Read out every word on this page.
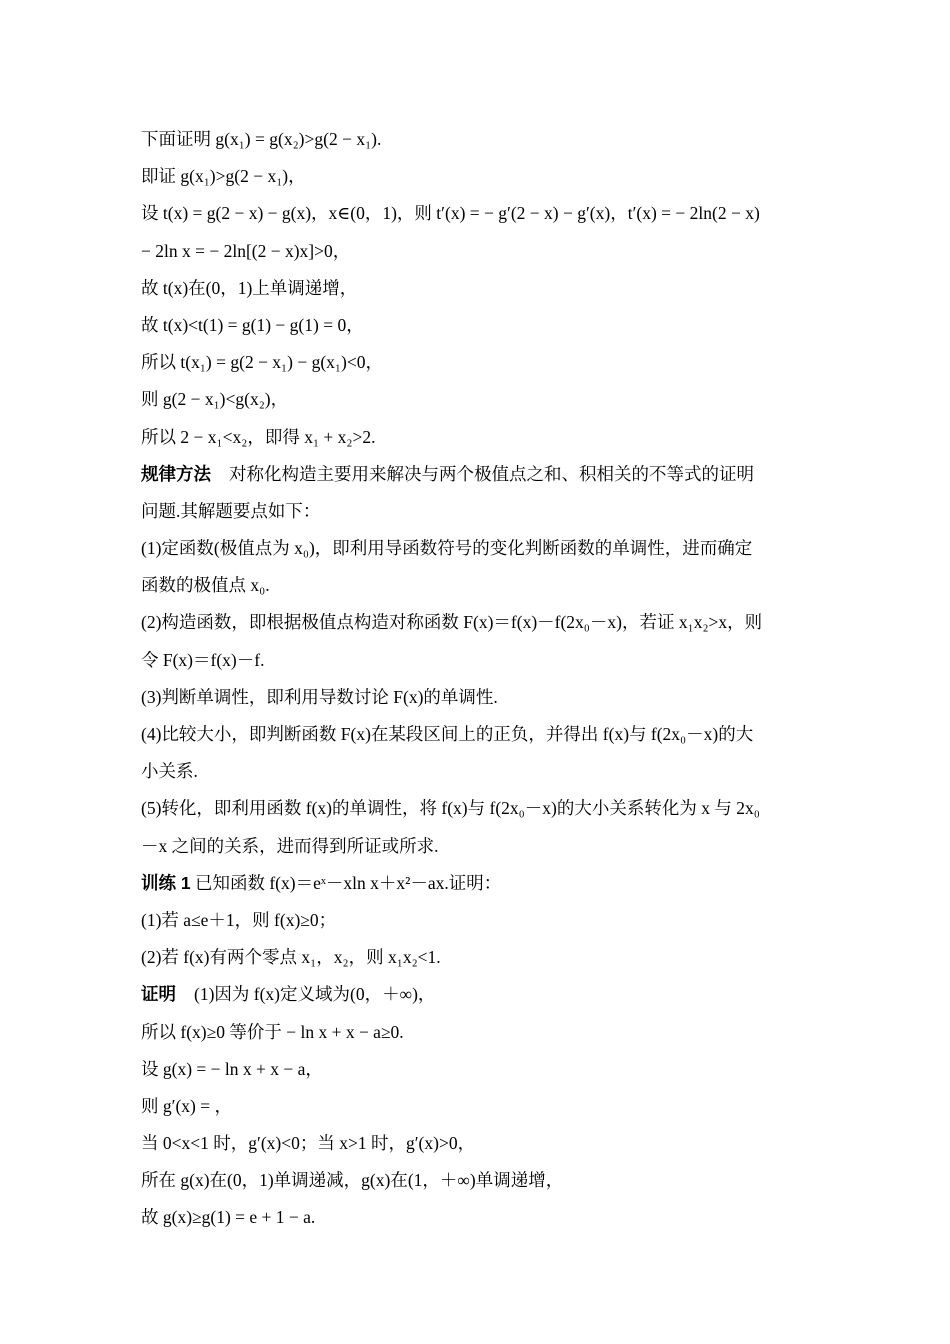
下面证明 g(x₁) = g(x₂)>g(2 − x₁).
即证 g(x₁)>g(2 − x₁)，
设 t(x) = g(2 − x) − g(x)，x∈(0，1)，则 t′(x) = − g′(2 − x) − g′(x)，t′(x) = − 2ln(2 − x)
− 2ln x = − 2ln[(2 − x)x]>0，
故 t(x)在(0，1)上单调递增，
故 t(x)<t(1) = g(1) − g(1) = 0，
所以 t(x₁) = g(2 − x₁) − g(x₁)<0，
则 g(2 − x₁)<g(x₂)，
所以 2 − x₁<x₂，即得 x₁ + x₂>2.
规律方法 对称化构造主要用来解决与两个极值点之和、积相关的不等式的证明
问题.其解题要点如下：
(1)定函数(极值点为 x₀)，即利用导函数符号的变化判断函数的单调性，进而确定
函数的极值点 x₀.
(2)构造函数，即根据极值点构造对称函数 F(x)＝f(x)－f(2x₀－x)，若证 x₁x₂>x，则
令 F(x)＝f(x)－f.
(3)判断单调性，即利用导数讨论 F(x)的单调性.
(4)比较大小，即判断函数 F(x)在某段区间上的正负，并得出 f(x)与 f(2x₀－x)的大
小关系.
(5)转化，即利用函数 f(x)的单调性，将 f(x)与 f(2x₀－x)的大小关系转化为 x 与 2x₀
－x 之间的关系，进而得到所证或所求.
训练 1 已知函数 f(x)＝eˣ－xln x＋x²－ax.证明：
(1)若 a≤e＋1，则 f(x)≥0；
(2)若 f(x)有两个零点 x₁，x₂，则 x₁x₂<1.
证明 (1)因为 f(x)定义域为(0，＋∞)，
所以 f(x)≥0 等价于 − ln x + x − a≥0.
设 g(x) = − ln x + x − a，
则 g′(x) = ，
当 0<x<1 时，g′(x)<0；当 x>1 时，g′(x)>0，
所在 g(x)在(0，1)单调递减，g(x)在(1，＋∞)单调递增，
故 g(x)≥g(1) = e + 1 − a.
